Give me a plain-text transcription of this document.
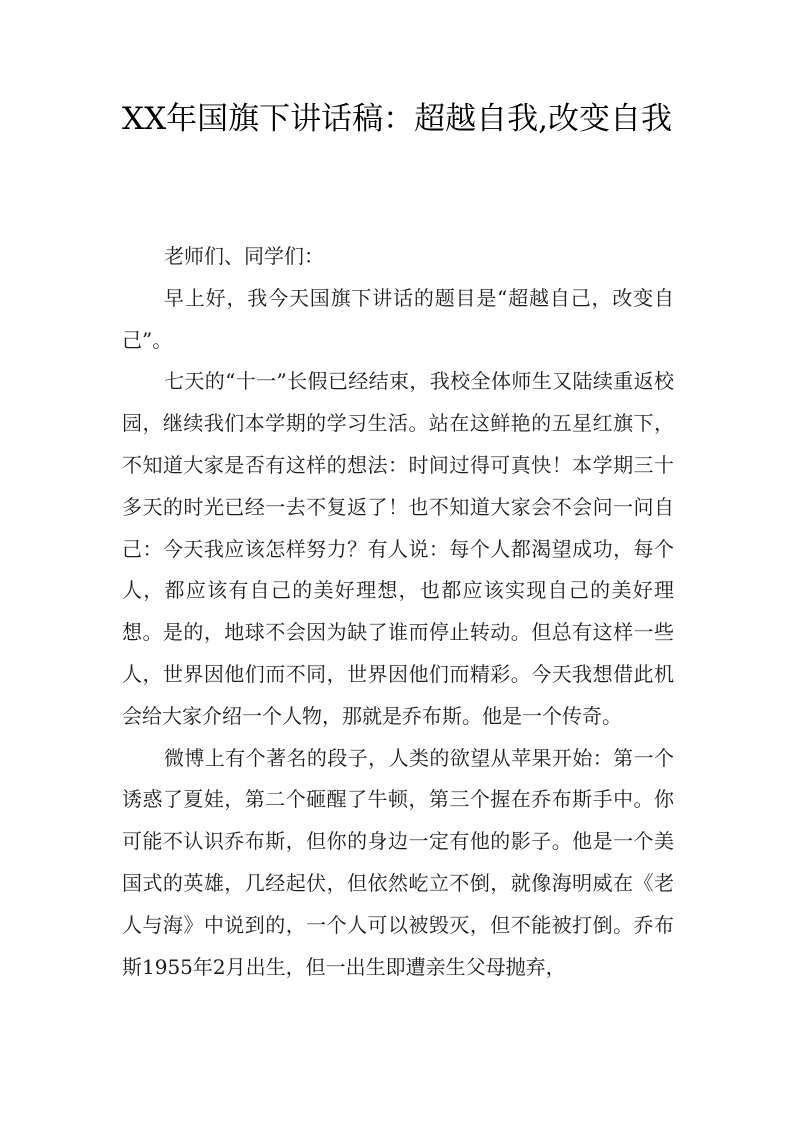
XX年国旗下讲话稿：超越自我,改变自我

老师们、同学们：

早上好，我今天国旗下讲话的题目是“超越自己，改变自己”。

七天的“十一”长假已经结束，我校全体师生又陆续重返校园，继续我们本学期的学习生活。站在这鲜艳的五星红旗下，不知道大家是否有这样的想法：时间过得可真快！本学期三十多天的时光已经一去不复返了！也不知道大家会不会问一问自己：今天我应该怎样努力？有人说：每个人都渴望成功，每个人，都应该有自己的美好理想，也都应该实现自己的美好理想。是的，地球不会因为缺了谁而停止转动。但总有这样一些人，世界因他们而不同，世界因他们而精彩。今天我想借此机会给大家介绍一个人物，那就是乔布斯。他是一个传奇。

微博上有个著名的段子，人类的欲望从苹果开始：第一个诱惑了夏娃，第二个砸醒了牛顿，第三个握在乔布斯手中。你可能不认识乔布斯，但你的身边一定有他的影子。他是一个美国式的英雄，几经起伏，但依然屹立不倒，就像海明威在《老人与海》中说到的，一个人可以被毁灭，但不能被打倒。乔布斯1955年2月出生，但一出生即遭亲生父母抛弃，
